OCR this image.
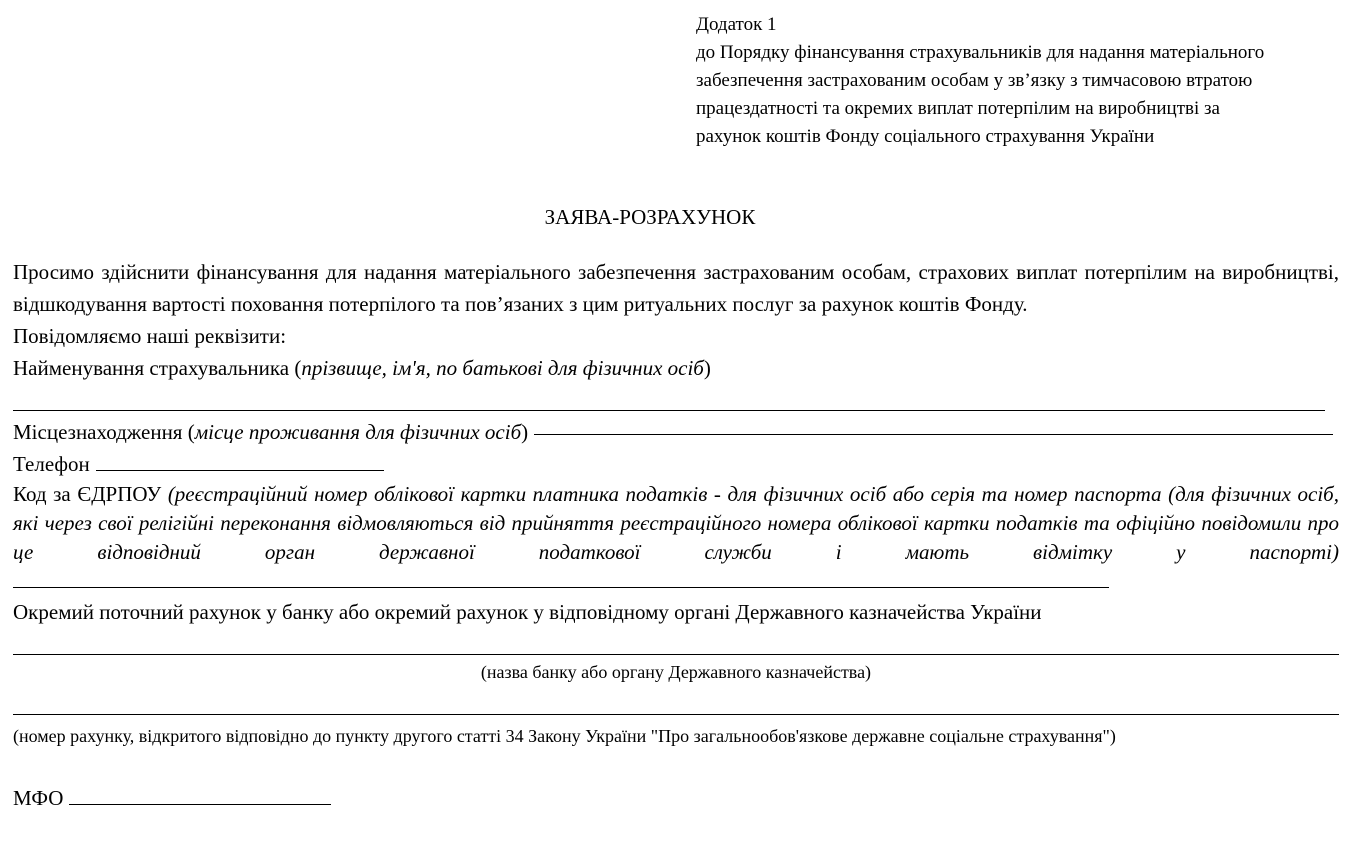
Додаток 1
до Порядку фінансування страхувальників для надання матеріального
забезпечення застрахованим особам у зв’язку з тимчасовою втратою
працездатності та окремих виплат потерпілим на виробництві за
рахунок коштів Фонду соціального страхування України
ЗАЯВА-РОЗРАХУНОК
Просимо здійснити фінансування для надання матеріального забезпечення застрахованим особам, страхових виплат потерпілим на виробництві, відшкодування вартості поховання потерпілого та пов’язаних з цим ритуальних послуг за рахунок коштів Фонду.
Повідомляємо наші реквізити:
Найменування страхувальника (прізвище, ім'я, по батькові для фізичних осіб)
Місцезнаходження ( місце проживання для фізичних осіб )
Телефон
Код за ЄДРПОУ (реєстраційний номер облікової картки платника податків - для фізичних осіб або серія та номер паспорта (для фізичних осіб, які через свої релігійні переконання відмовляються від прийняття реєстраційного номера облікової картки податків та офіційно повідомили про це відповідний орган державної податкової служби і мають відмітку у паспорті)
Окремий поточний рахунок у банку або окремий рахунок у відповідному органі Державного казначейства України
(назва банку або органу Державного казначейства)
(номер рахунку, відкритого відповідно до пункту другого статті 34 Закону України "Про загальнообов'язкове державне соціальне страхування")
МФО
